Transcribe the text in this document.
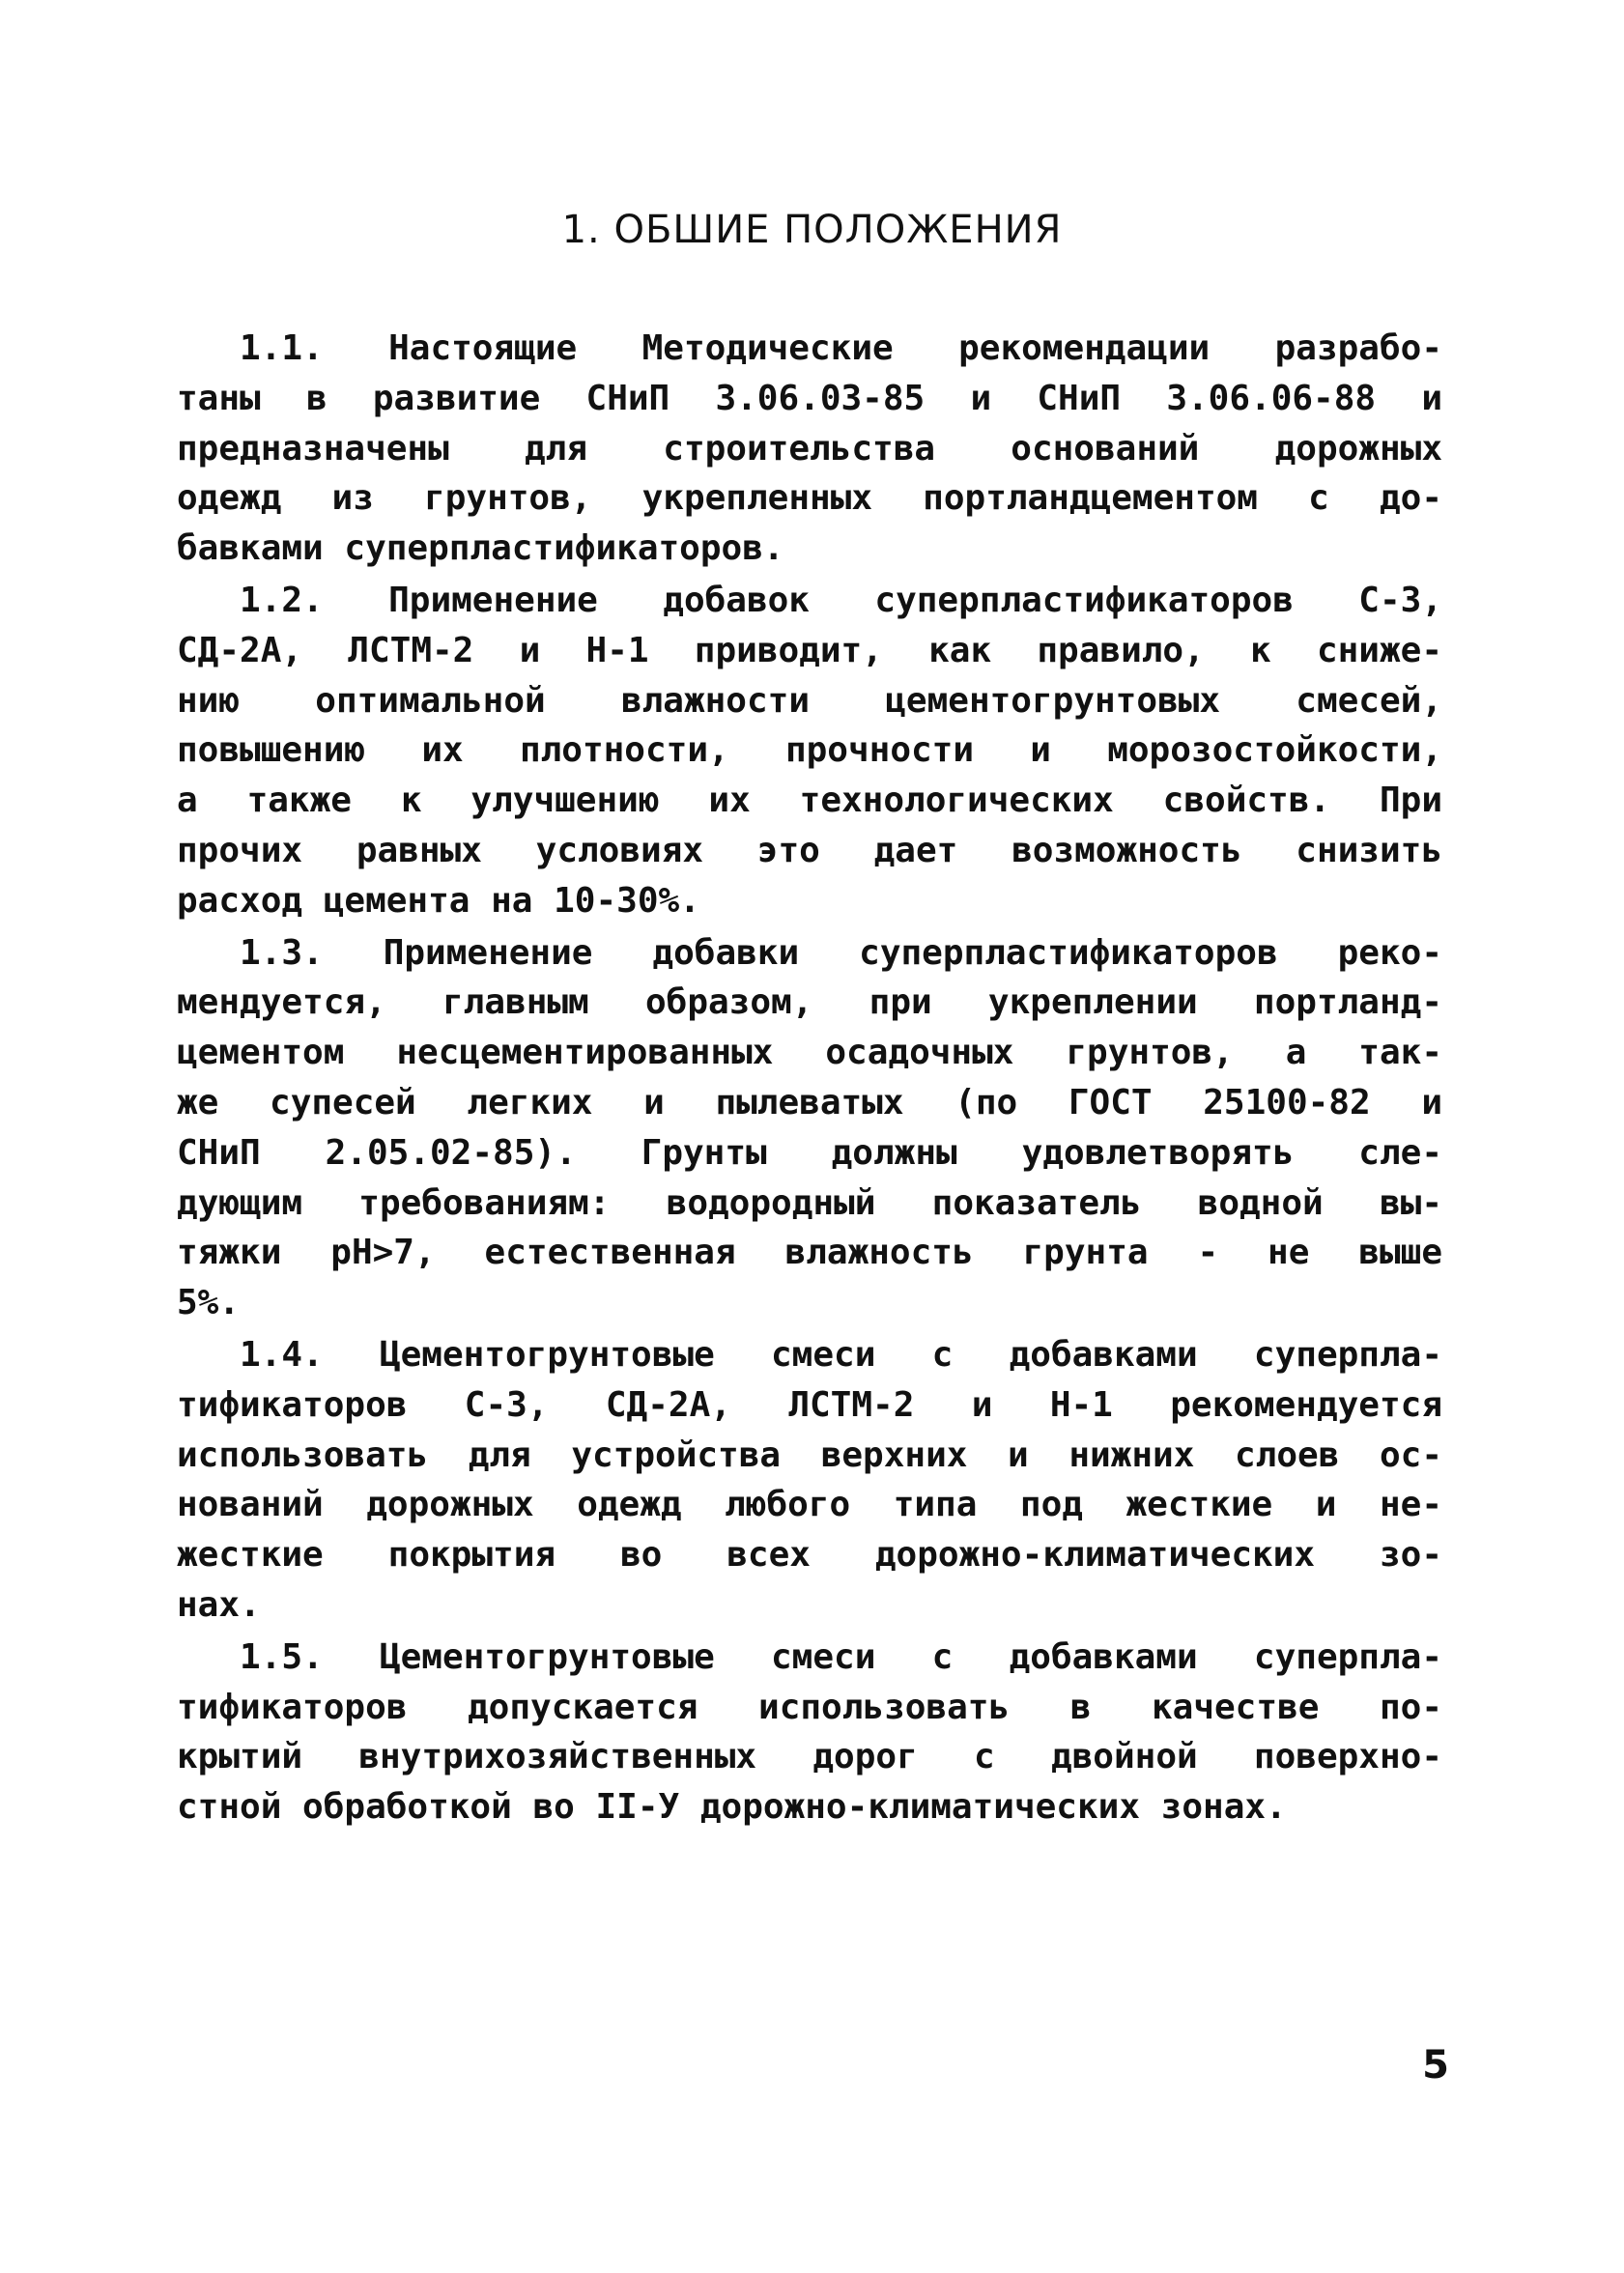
1. ОБШИЕ ПОЛОЖЕНИЯ
1.1. Настоящие Методические рекомендации разрабо-
таны в развитие СНиП 3.06.03-85 и СНиП 3.06.06-88 и
предназначены для строительства оснований дорожных
одежд из грунтов, укрепленных портландцементом с до-
бавками суперпластификаторов.
1.2. Применение добавок суперпластификаторов С-3,
СД-2А, ЛСТМ-2 и Н-1 приводит, как правило, к сниже-
нию оптимальной влажности цементогрунтовых смесей,
повышению их плотности, прочности и морозостойкости,
а также к улучшению их технологических свойств. При
прочих равных условиях это дает возможность снизить
расход цемента на 10-30%.
1.3. Применение добавки суперпластификаторов реко-
мендуется, главным образом, при укреплении портланд-
цементом несцементированных осадочных грунтов, а так-
же супесей легких и пылеватых (по ГОСТ 25100-82 и
СНиП 2.05.02-85). Грунты должны удовлетворять сле-
дующим требованиям: водородный показатель водной вы-
тяжки pH>7, естественная влажность грунта - не выше
5%.
1.4. Цементогрунтовые смеси с добавками суперпла-
тификаторов С-3, СД-2А, ЛСТМ-2 и Н-1 рекомендуется
использовать для устройства верхних и нижних слоев ос-
нований дорожных одежд любого типа под жесткие и не-
жесткие покрытия во всех дорожно-климатических зо-
нах.
1.5. Цементогрунтовые смеси с добавками суперпла-
тификаторов допускается использовать в качестве по-
крытий внутрихозяйственных дорог с двойной поверхно-
стной обработкой во II-У дорожно-климатических зонах.
5
